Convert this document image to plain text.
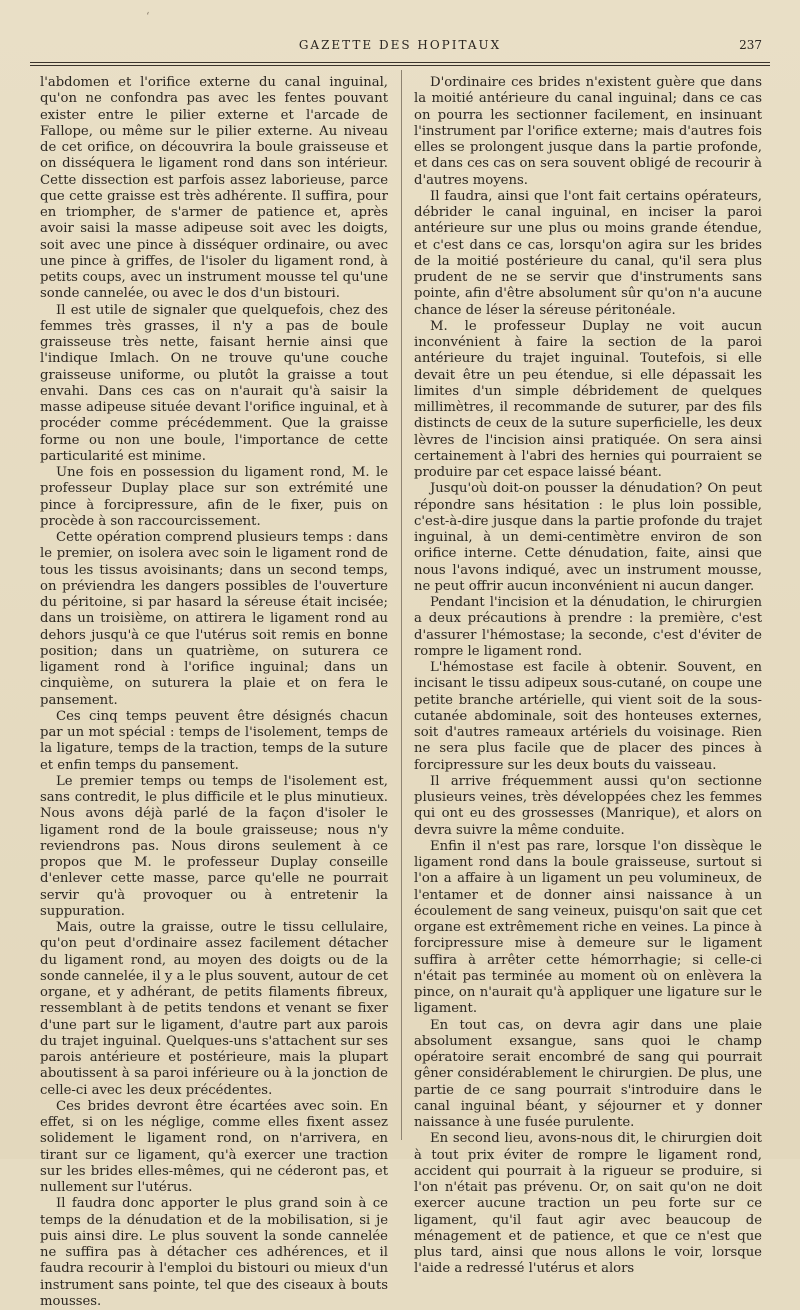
‘
GAZETTE DES HOPITAUX	237

l'abdomen et l'orifice externe du canal inguinal, qu'on ne confondra pas avec les fentes pouvant exister entre le pilier externe et l'arcade de Fallope, ou même sur le pilier externe. Au niveau de cet orifice, on découvrira la boule graisseuse et on disséquera le ligament rond dans son intérieur. Cette dissection est parfois assez laborieuse, parce que cette graisse est très adhérente. Il suffira, pour en triompher, de s'armer de patience et, après avoir saisi la masse adipeuse soit avec les doigts, soit avec une pince à disséquer ordinaire, ou avec une pince à griffes, de l'isoler du ligament rond, à petits coups, avec un instrument mousse tel qu'une sonde cannelée, ou avec le dos d'un bistouri.

Il est utile de signaler que quelquefois, chez des femmes très grasses, il n'y a pas de boule graisseuse très nette, faisant hernie ainsi que l'indique Imlach. On ne trouve qu'une couche graisseuse uniforme, ou plutôt la graisse a tout envahi. Dans ces cas on n'aurait qu'à saisir la masse adipeuse située devant l'orifice inguinal, et à procéder comme précédemment. Que la graisse forme ou non une boule, l'importance de cette particularité est minime.

Une fois en possession du ligament rond, M. le professeur Duplay place sur son extrémité une pince à forcipressure, afin de le fixer, puis on procède à son raccourcissement.

Cette opération comprend plusieurs temps : dans le premier, on isolera avec soin le ligament rond de tous les tissus avoisinants; dans un second temps, on préviendra les dangers possibles de l'ouverture du péritoine, si par hasard la séreuse était incisée; dans un troisième, on attirera le ligament rond au dehors jusqu'à ce que l'utérus soit remis en bonne position; dans un quatrième, on suturera ce ligament rond à l'orifice inguinal; dans un cinquième, on suturera la plaie et on fera le pansement.

Ces cinq temps peuvent être désignés chacun par un mot spécial : temps de l'isolement, temps de la ligature, temps de la traction, temps de la suture et enfin temps du pansement.

Le premier temps ou temps de l'isolement est, sans contredit, le plus difficile et le plus minutieux. Nous avons déjà parlé de la façon d'isoler le ligament rond de la boule graisseuse; nous n'y reviendrons pas. Nous dirons seulement à ce propos que M. le professeur Duplay conseille d'enlever cette masse, parce qu'elle ne pourrait servir qu'à provoquer ou à entretenir la suppuration.

Mais, outre la graisse, outre le tissu cellulaire, qu'on peut d'ordinaire assez facilement détacher du ligament rond, au moyen des doigts ou de la sonde cannelée, il y a le plus souvent, autour de cet organe, et y adhérant, de petits filaments fibreux, ressemblant à de petits tendons et venant se fixer d'une part sur le ligament, d'autre part aux parois du trajet inguinal. Quelques-uns s'attachent sur ses parois antérieure et postérieure, mais la plupart aboutissent à sa paroi inférieure ou à la jonction de celle-ci avec les deux précédentes.

Ces brides devront être écartées avec soin. En effet, si on les néglige, comme elles fixent assez solidement le ligament rond, on n'arrivera, en tirant sur ce ligament, qu'à exercer une traction sur les brides elles-mêmes, qui ne céderont pas, et nullement sur l'utérus.

Il faudra donc apporter le plus grand soin à ce temps de la dénudation et de la mobilisation, si je puis ainsi dire. Le plus souvent la sonde cannelée ne suffira pas à détacher ces adhérences, et il faudra recourir à l'emploi du bistouri ou mieux d'un instrument sans pointe, tel que des ciseaux à bouts mousses.

D'ordinaire ces brides n'existent guère que dans la moitié antérieure du canal inguinal; dans ce cas on pourra les sectionner facilement, en insinuant l'instrument par l'orifice externe; mais d'autres fois elles se prolongent jusque dans la partie profonde, et dans ces cas on sera souvent obligé de recourir à d'autres moyens.

Il faudra, ainsi que l'ont fait certains opérateurs, débrider le canal inguinal, en inciser la paroi antérieure sur une plus ou moins grande étendue, et c'est dans ce cas, lorsqu'on agira sur les brides de la moitié postérieure du canal, qu'il sera plus prudent de ne se servir que d'instruments sans pointe, afin d'être absolument sûr qu'on n'a aucune chance de léser la séreuse péritonéale.

M. le professeur Duplay ne voit aucun inconvénient à faire la section de la paroi antérieure du trajet inguinal. Toutefois, si elle devait être un peu étendue, si elle dépassait les limites d'un simple débridement de quelques millimètres, il recommande de suturer, par des fils distincts de ceux de la suture superficielle, les deux lèvres de l'incision ainsi pratiquée. On sera ainsi certainement à l'abri des hernies qui pourraient se produire par cet espace laissé béant.

Jusqu'où doit-on pousser la dénudation? On peut répondre sans hésitation : le plus loin possible, c'est-à-dire jusque dans la partie profonde du trajet inguinal, à un demi-centimètre environ de son orifice interne. Cette dénudation, faite, ainsi que nous l'avons indiqué, avec un instrument mousse, ne peut offrir aucun inconvénient ni aucun danger.

Pendant l'incision et la dénudation, le chirurgien a deux précautions à prendre : la première, c'est d'assurer l'hémostase; la seconde, c'est d'éviter de rompre le ligament rond.

L'hémostase est facile à obtenir. Souvent, en incisant le tissu adipeux sous-cutané, on coupe une petite branche artérielle, qui vient soit de la sous-cutanée abdominale, soit des honteuses externes, soit d'autres rameaux artériels du voisinage. Rien ne sera plus facile que de placer des pinces à forcipressure sur les deux bouts du vaisseau.

Il arrive fréquemment aussi qu'on sectionne plusieurs veines, très développées chez les femmes qui ont eu des grossesses (Manrique), et alors on devra suivre la même conduite.

Enfin il n'est pas rare, lorsque l'on dissèque le ligament rond dans la boule graisseuse, surtout si l'on a affaire à un ligament un peu volumineux, de l'entamer et de donner ainsi naissance à un écoulement de sang veineux, puisqu'on sait que cet organe est extrêmement riche en veines. La pince à forcipressure mise à demeure sur le ligament suffira à arrêter cette hémorrhagie; si celle-ci n'était pas terminée au moment où on enlèvera la pince, on n'aurait qu'à appliquer une ligature sur le ligament.

En tout cas, on devra agir dans une plaie absolument exsangue, sans quoi le champ opératoire serait encombré de sang qui pourrait gêner considérablement le chirurgien. De plus, une partie de ce sang pourrait s'introduire dans le canal inguinal béant, y séjourner et y donner naissance à une fusée purulente.

En second lieu, avons-nous dit, le chirurgien doit à tout prix éviter de rompre le ligament rond, accident qui pourrait à la rigueur se produire, si l'on n'était pas prévenu. Or, on sait qu'on ne doit exercer aucune traction un peu forte sur ce ligament, qu'il faut agir avec beaucoup de ménagement et de patience, et que ce n'est que plus tard, ainsi que nous allons le voir, lorsque l'aide a redressé l'utérus et alors
